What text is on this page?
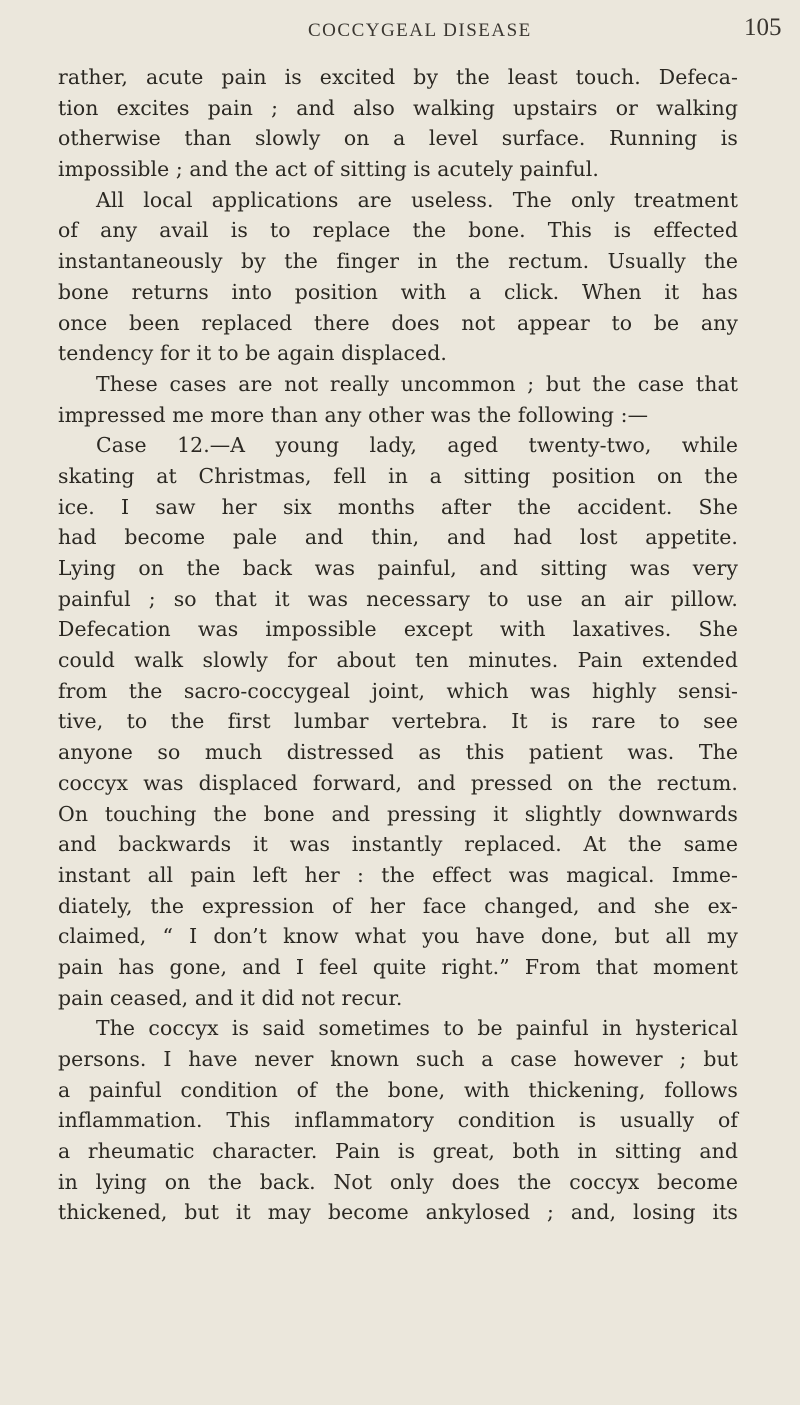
COCCYGEAL DISEASE	105
rather, acute pain is excited by the least touch. Defeca-
tion excites pain ; and also walking upstairs or walking
otherwise than slowly on a level surface. Running is
impossible ; and the act of sitting is acutely painful.
All local applications are useless. The only treatment
of any avail is to replace the bone. This is effected
instantaneously by the finger in the rectum. Usually the
bone returns into position with a click. When it has
once been replaced there does not appear to be any
tendency for it to be again displaced.
These cases are not really uncommon ; but the case that
impressed me more than any other was the following :—
Case 12.—A young lady, aged twenty-two, while
skating at Christmas, fell in a sitting position on the
ice. I saw her six months after the accident. She
had become pale and thin, and had lost appetite.
Lying on the back was painful, and sitting was very
painful ; so that it was necessary to use an air pillow.
Defecation was impossible except with laxatives. She
could walk slowly for about ten minutes. Pain extended
from the sacro-coccygeal joint, which was highly sensi-
tive, to the first lumbar vertebra. It is rare to see
anyone so much distressed as this patient was. The
coccyx was displaced forward, and pressed on the rectum.
On touching the bone and pressing it slightly downwards
and backwards it was instantly replaced. At the same
instant all pain left her : the effect was magical. Imme-
diately, the expression of her face changed, and she ex-
claimed, “ I don’t know what you have done, but all my
pain has gone, and I feel quite right.” From that moment
pain ceased, and it did not recur.
The coccyx is said sometimes to be painful in hysterical
persons. I have never known such a case however ; but
a painful condition of the bone, with thickening, follows
inflammation. This inflammatory condition is usually of
a rheumatic character. Pain is great, both in sitting and
in lying on the back. Not only does the coccyx become
thickened, but it may become ankylosed ; and, losing its
